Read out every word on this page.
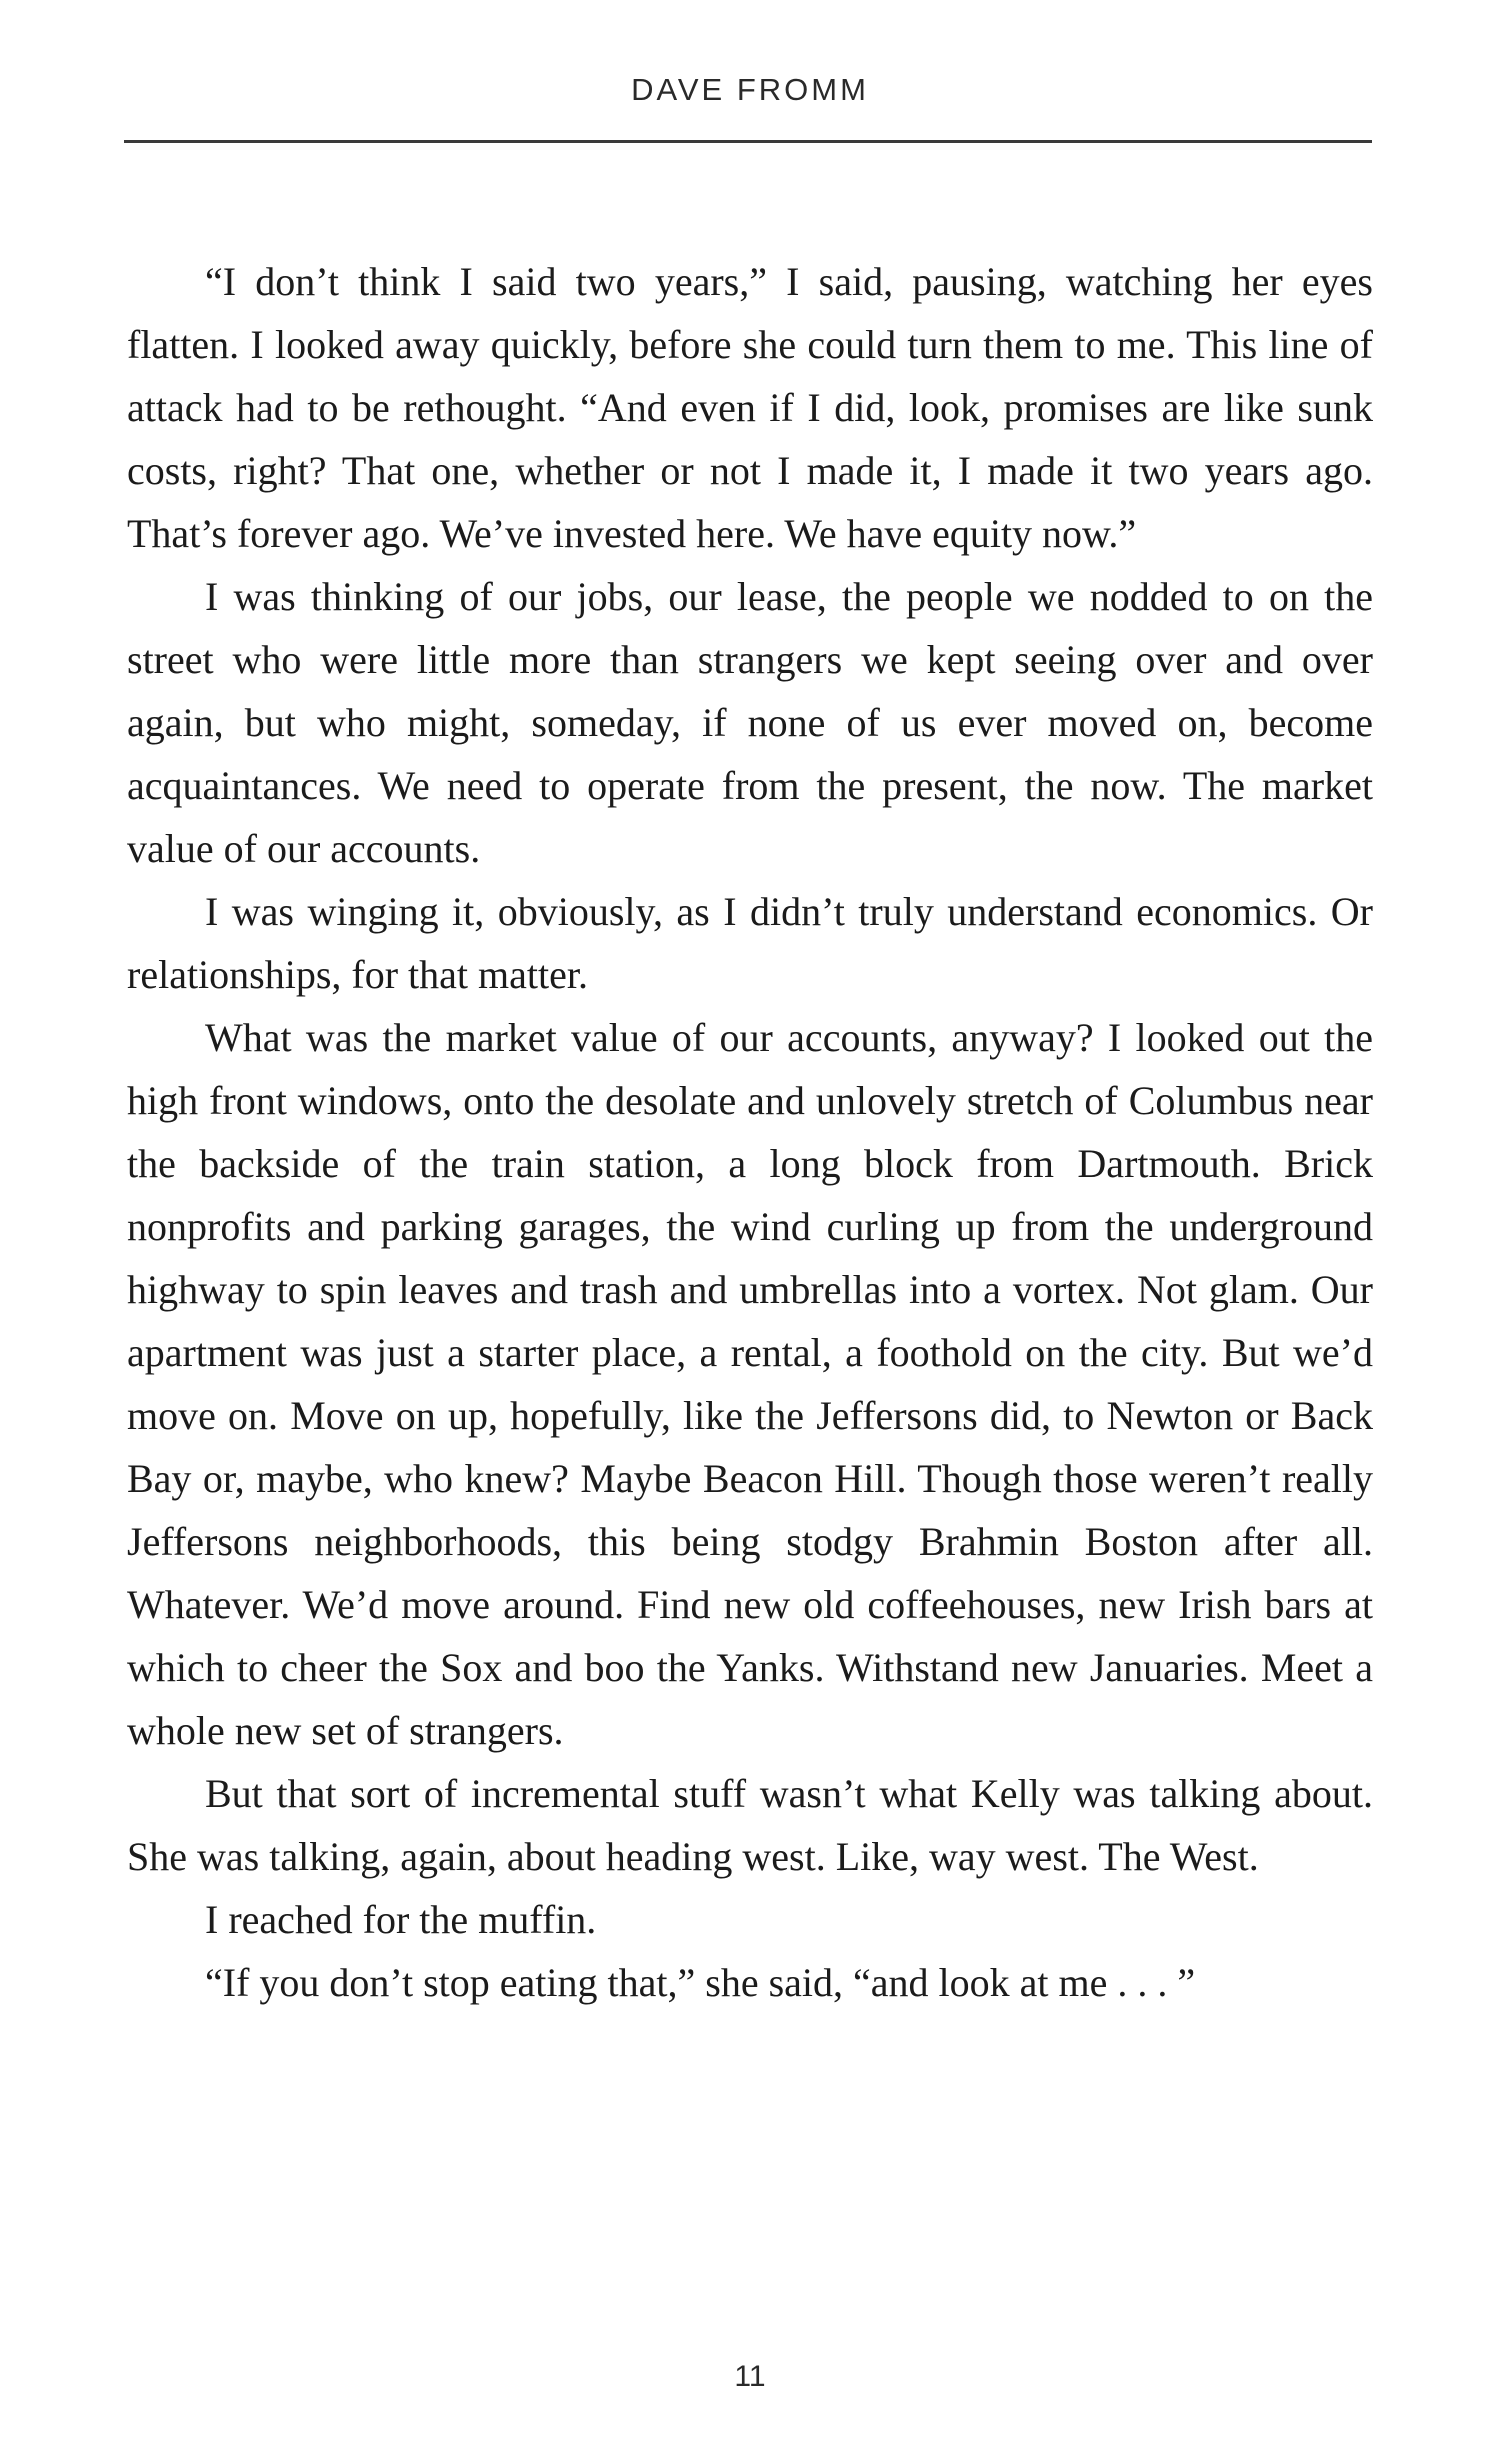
DAVE FROMM

“I don’t think I said two years,” I said, pausing, watching her eyes flatten. I looked away quickly, before she could turn them to me. This line of attack had to be rethought. “And even if I did, look, promises are like sunk costs, right? That one, whether or not I made it, I made it two years ago. That’s forever ago. We’ve invested here. We have equity now.”

I was thinking of our jobs, our lease, the people we nodded to on the street who were little more than strangers we kept seeing over and over again, but who might, someday, if none of us ever moved on, become acquaintances. We need to operate from the present, the now. The market value of our accounts.

I was winging it, obviously, as I didn’t truly understand economics. Or relationships, for that matter.

What was the market value of our accounts, anyway? I looked out the high front windows, onto the desolate and unlovely stretch of Columbus near the backside of the train station, a long block from Dartmouth. Brick nonprofits and parking garages, the wind curling up from the underground highway to spin leaves and trash and umbrellas into a vortex. Not glam. Our apartment was just a starter place, a rental, a foothold on the city. But we’d move on. Move on up, hopefully, like the Jeffersons did, to Newton or Back Bay or, maybe, who knew? Maybe Beacon Hill. Though those weren’t really Jeffersons neighborhoods, this being stodgy Brahmin Boston after all. Whatever. We’d move around. Find new old coffeehouses, new Irish bars at which to cheer the Sox and boo the Yanks. Withstand new Januaries. Meet a whole new set of strangers.

But that sort of incremental stuff wasn’t what Kelly was talking about. She was talking, again, about heading west. Like, way west. The West.

I reached for the muffin.

“If you don’t stop eating that,” she said, “and look at me . . . ”

11
